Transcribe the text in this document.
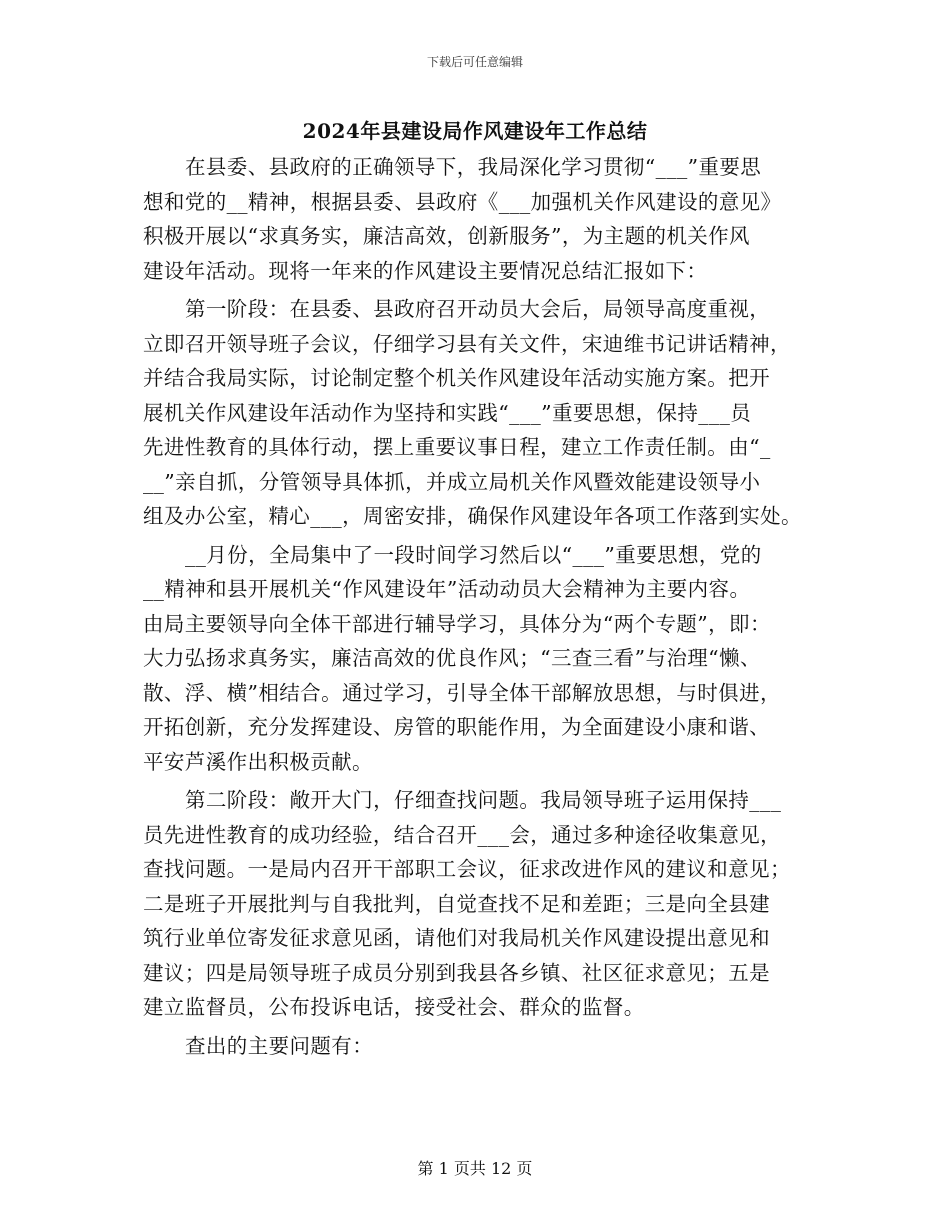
下载后可任意编辑
2024年县建设局作风建设年工作总结
在县委、县政府的正确领导下，我局深化学习贯彻“___”重要思
想和党的__精神，根据县委、县政府《___加强机关作风建设的意见》
积极开展以“求真务实，廉洁高效，创新服务”，为主题的机关作风
建设年活动。现将一年来的作风建设主要情况总结汇报如下：
第一阶段：在县委、县政府召开动员大会后，局领导高度重视，
立即召开领导班子会议，仔细学习县有关文件，宋迪维书记讲话精神，
并结合我局实际，讨论制定整个机关作风建设年活动实施方案。把开
展机关作风建设年活动作为坚持和实践“___”重要思想，保持___员
先进性教育的具体行动，摆上重要议事日程，建立工作责任制。由“_
__”亲自抓，分管领导具体抓，并成立局机关作风暨效能建设领导小
组及办公室，精心___，周密安排，确保作风建设年各项工作落到实处。
__月份，全局集中了一段时间学习然后以“___”重要思想，党的
__精神和县开展机关“作风建设年”活动动员大会精神为主要内容。
由局主要领导向全体干部进行辅导学习，具体分为“两个专题”，即：
大力弘扬求真务实，廉洁高效的优良作风；“三查三看”与治理“懒、
散、浮、横”相结合。通过学习，引导全体干部解放思想，与时俱进，
开拓创新，充分发挥建设、房管的职能作用，为全面建设小康和谐、
平安芦溪作出积极贡献。
第二阶段：敞开大门，仔细查找问题。我局领导班子运用保持___
员先进性教育的成功经验，结合召开___会，通过多种途径收集意见，
查找问题。一是局内召开干部职工会议，征求改进作风的建议和意见；
二是班子开展批判与自我批判，自觉查找不足和差距；三是向全县建
筑行业单位寄发征求意见函，请他们对我局机关作风建设提出意见和
建议；四是局领导班子成员分别到我县各乡镇、社区征求意见；五是
建立监督员，公布投诉电话，接受社会、群众的监督。
查出的主要问题有：
第 1 页共 12 页
